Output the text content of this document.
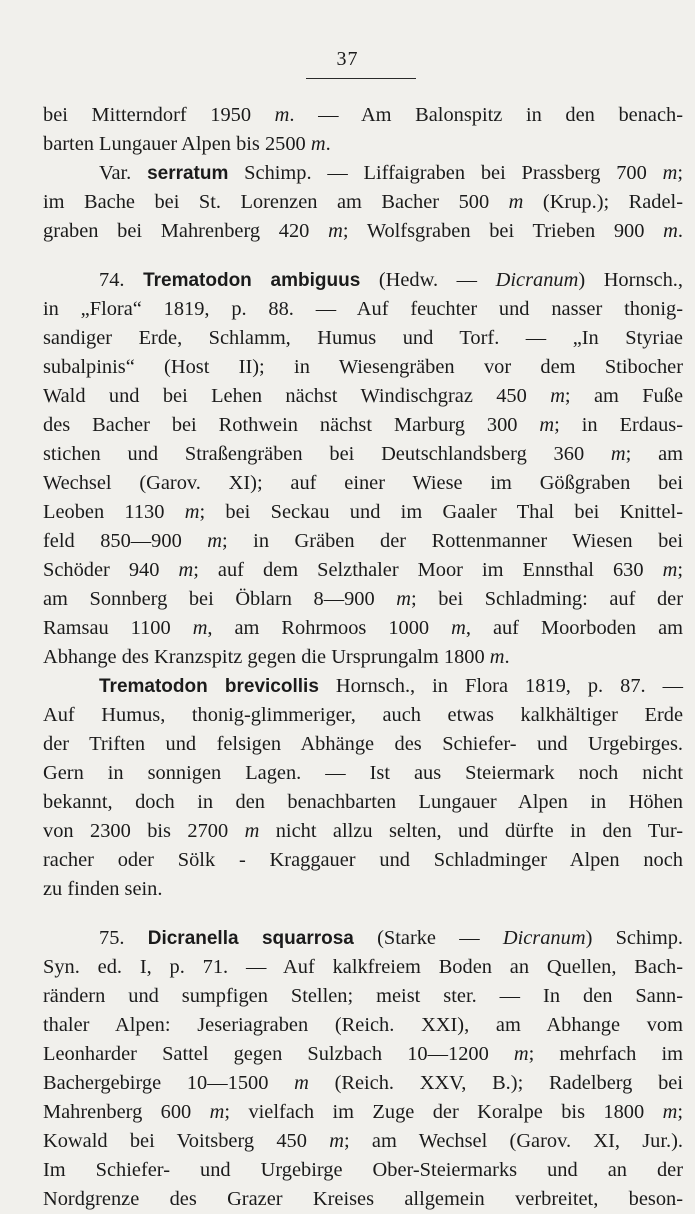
37
bei Mitterndorf 1950 m. — Am Balonspitz in den benach-
barten Lungauer Alpen bis 2500 m.
Var. serratum Schimp. — Liffaigraben bei Prassberg 700 m;
im Bache bei St. Lorenzen am Bacher 500 m (Krup.); Radel-
graben bei Mahrenberg 420 m; Wolfsgraben bei Trieben 900 m.
74. Trematodon ambiguus (Hedw. — Dicranum) Hornsch.,
in „Flora“ 1819, p. 88. — Auf feuchter und nasser thonig-
sandiger Erde, Schlamm, Humus und Torf. — „In Styriae
subalpinis“ (Host II); in Wiesengräben vor dem Stibocher
Wald und bei Lehen nächst Windischgraz 450 m; am Fuße
des Bacher bei Rothwein nächst Marburg 300 m; in Erdaus-
stichen und Straßengräben bei Deutschlandsberg 360 m; am
Wechsel (Garov. XI); auf einer Wiese im Gößgraben bei
Leoben 1130 m; bei Seckau und im Gaaler Thal bei Knittel-
feld 850—900 m; in Gräben der Rottenmanner Wiesen bei
Schöder 940 m; auf dem Selzthaler Moor im Ennsthal 630 m;
am Sonnberg bei Öblarn 8—900 m; bei Schladming: auf der
Ramsau 1100 m, am Rohrmoos 1000 m, auf Moorboden am
Abhange des Kranzspitz gegen die Ursprungalm 1800 m.
Trematodon brevicollis Hornsch., in Flora 1819, p. 87. —
Auf Humus, thonig-glimmeriger, auch etwas kalkhältiger Erde
der Triften und felsigen Abhänge des Schiefer- und Urgebirges.
Gern in sonnigen Lagen. — Ist aus Steiermark noch nicht
bekannt, doch in den benachbarten Lungauer Alpen in Höhen
von 2300 bis 2700 m nicht allzu selten, und dürfte in den Tur-
racher oder Sölk - Kraggauer und Schladminger Alpen noch
zu finden sein.
75. Dicranella squarrosa (Starke — Dicranum) Schimp.
Syn. ed. I, p. 71. — Auf kalkfreiem Boden an Quellen, Bach-
rändern und sumpfigen Stellen; meist ster. — In den Sann-
thaler Alpen: Jeseriagraben (Reich. XXI), am Abhange vom
Leonharder Sattel gegen Sulzbach 10—1200 m; mehrfach im
Bachergebirge 10—1500 m (Reich. XXV, B.); Radelberg bei
Mahrenberg 600 m; vielfach im Zuge der Koralpe bis 1800 m;
Kowald bei Voitsberg 450 m; am Wechsel (Garov. XI, Jur.).
Im Schiefer- und Urgebirge Ober-Steiermarks und an der
Nordgrenze des Grazer Kreises allgemein verbreitet, beson-
